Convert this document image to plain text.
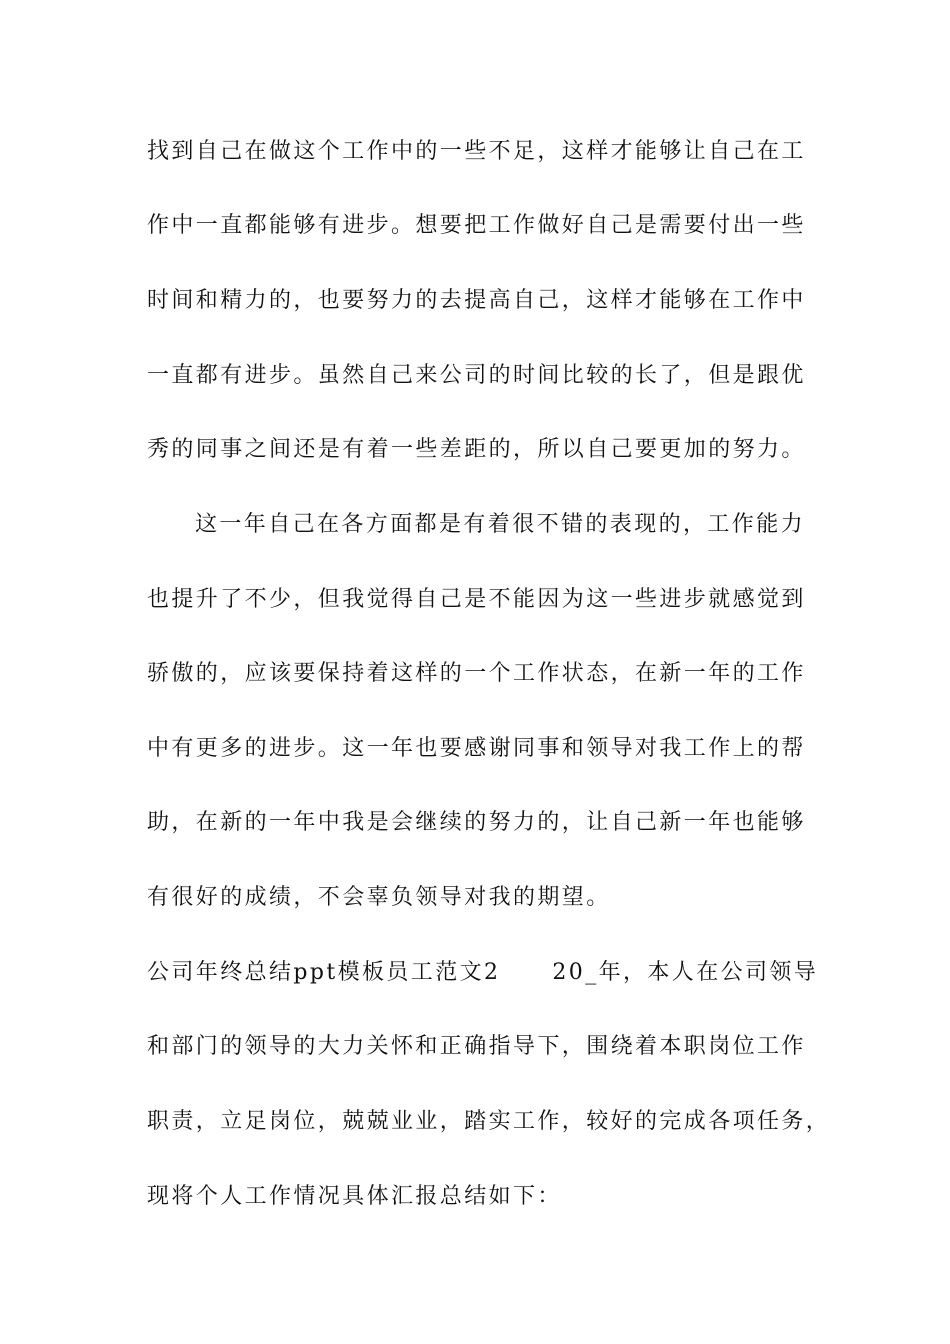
找到自己在做这个工作中的一些不足，这样才能够让自己在工
作中一直都能够有进步。想要把工作做好自己是需要付出一些
时间和精力的，也要努力的去提高自己，这样才能够在工作中
一直都有进步。虽然自己来公司的时间比较的长了，但是跟优
秀的同事之间还是有着一些差距的，所以自己要更加的努力。
这一年自己在各方面都是有着很不错的表现的，工作能力
也提升了不少，但我觉得自己是不能因为这一些进步就感觉到
骄傲的，应该要保持着这样的一个工作状态，在新一年的工作
中有更多的进步。这一年也要感谢同事和领导对我工作上的帮
助，在新的一年中我是会继续的努力的，让自己新一年也能够
有很好的成绩，不会辜负领导对我的期望。
公司年终总结ppt模板员工范文2 20_年，本人在公司领导
和部门的领导的大力关怀和正确指导下，围绕着本职岗位工作
职责，立足岗位，兢兢业业，踏实工作，较好的完成各项任务，
现将个人工作情况具体汇报总结如下：
